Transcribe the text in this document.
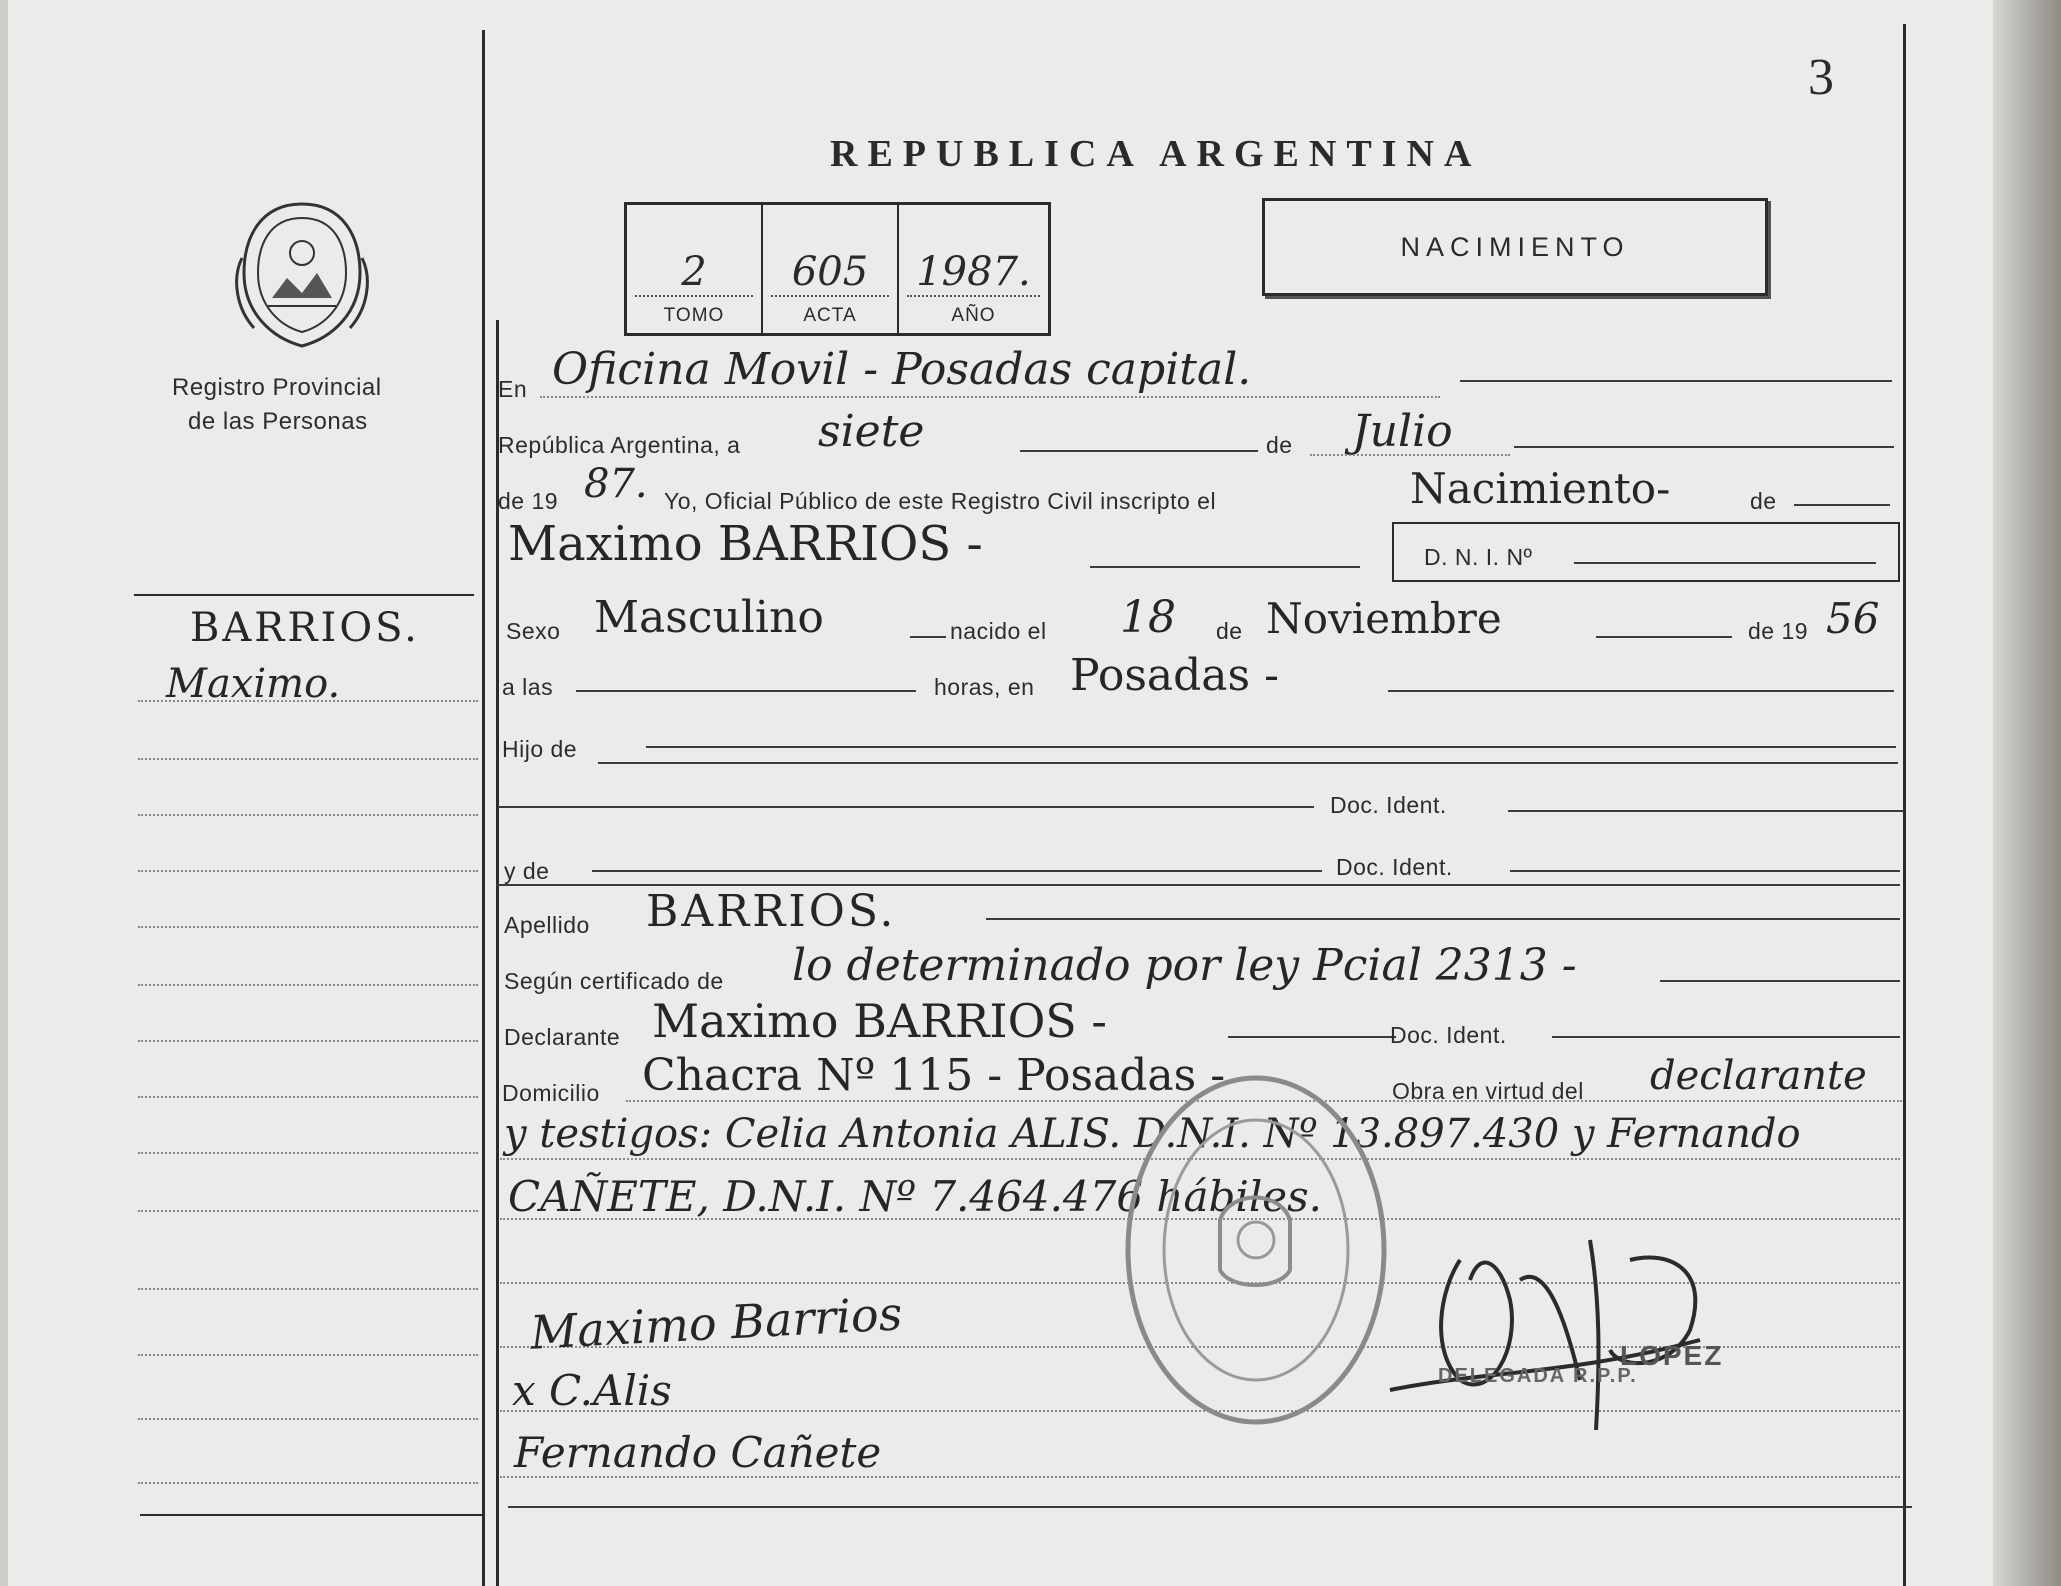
3
REPUBLICA ARGENTINA
Registro Provincial
de las Personas
2
TOMO
605
ACTA
1987.
AÑO
NACIMIENTO
BARRIOS.
Maximo.
En Oficina Movil - Posadas capital.
República Argentina, a siete	de Julio
de 19 87. Yo, Oficial Público de este Registro Civil inscripto el	Nacimiento-	de
Maximo BARRIOS -	D. N. I. Nº
Sexo Masculino	nacido el 18 de Noviembre	de 19 56
a las	horas, en Posadas -
Hijo de
Doc. Ident.
y de	Doc. Ident.
Apellido BARRIOS.
Según certificado de lo determinado por ley Pcial 2313 -
Declarante Maximo BARRIOS -	Doc. Ident.
Domicilio Chacra Nº 115 - Posadas -	Obra en virtud del declarante
y testigos: Celia Antonia ALIS. D.N.I. Nº 13.897.430 y Fernando
CAÑETE, D.N.I. Nº 7.464.476 hábiles.
Maximo Barrios
x C.Alis
Fernando Cañete
LOPEZ
DELEGADA R.P.P.
